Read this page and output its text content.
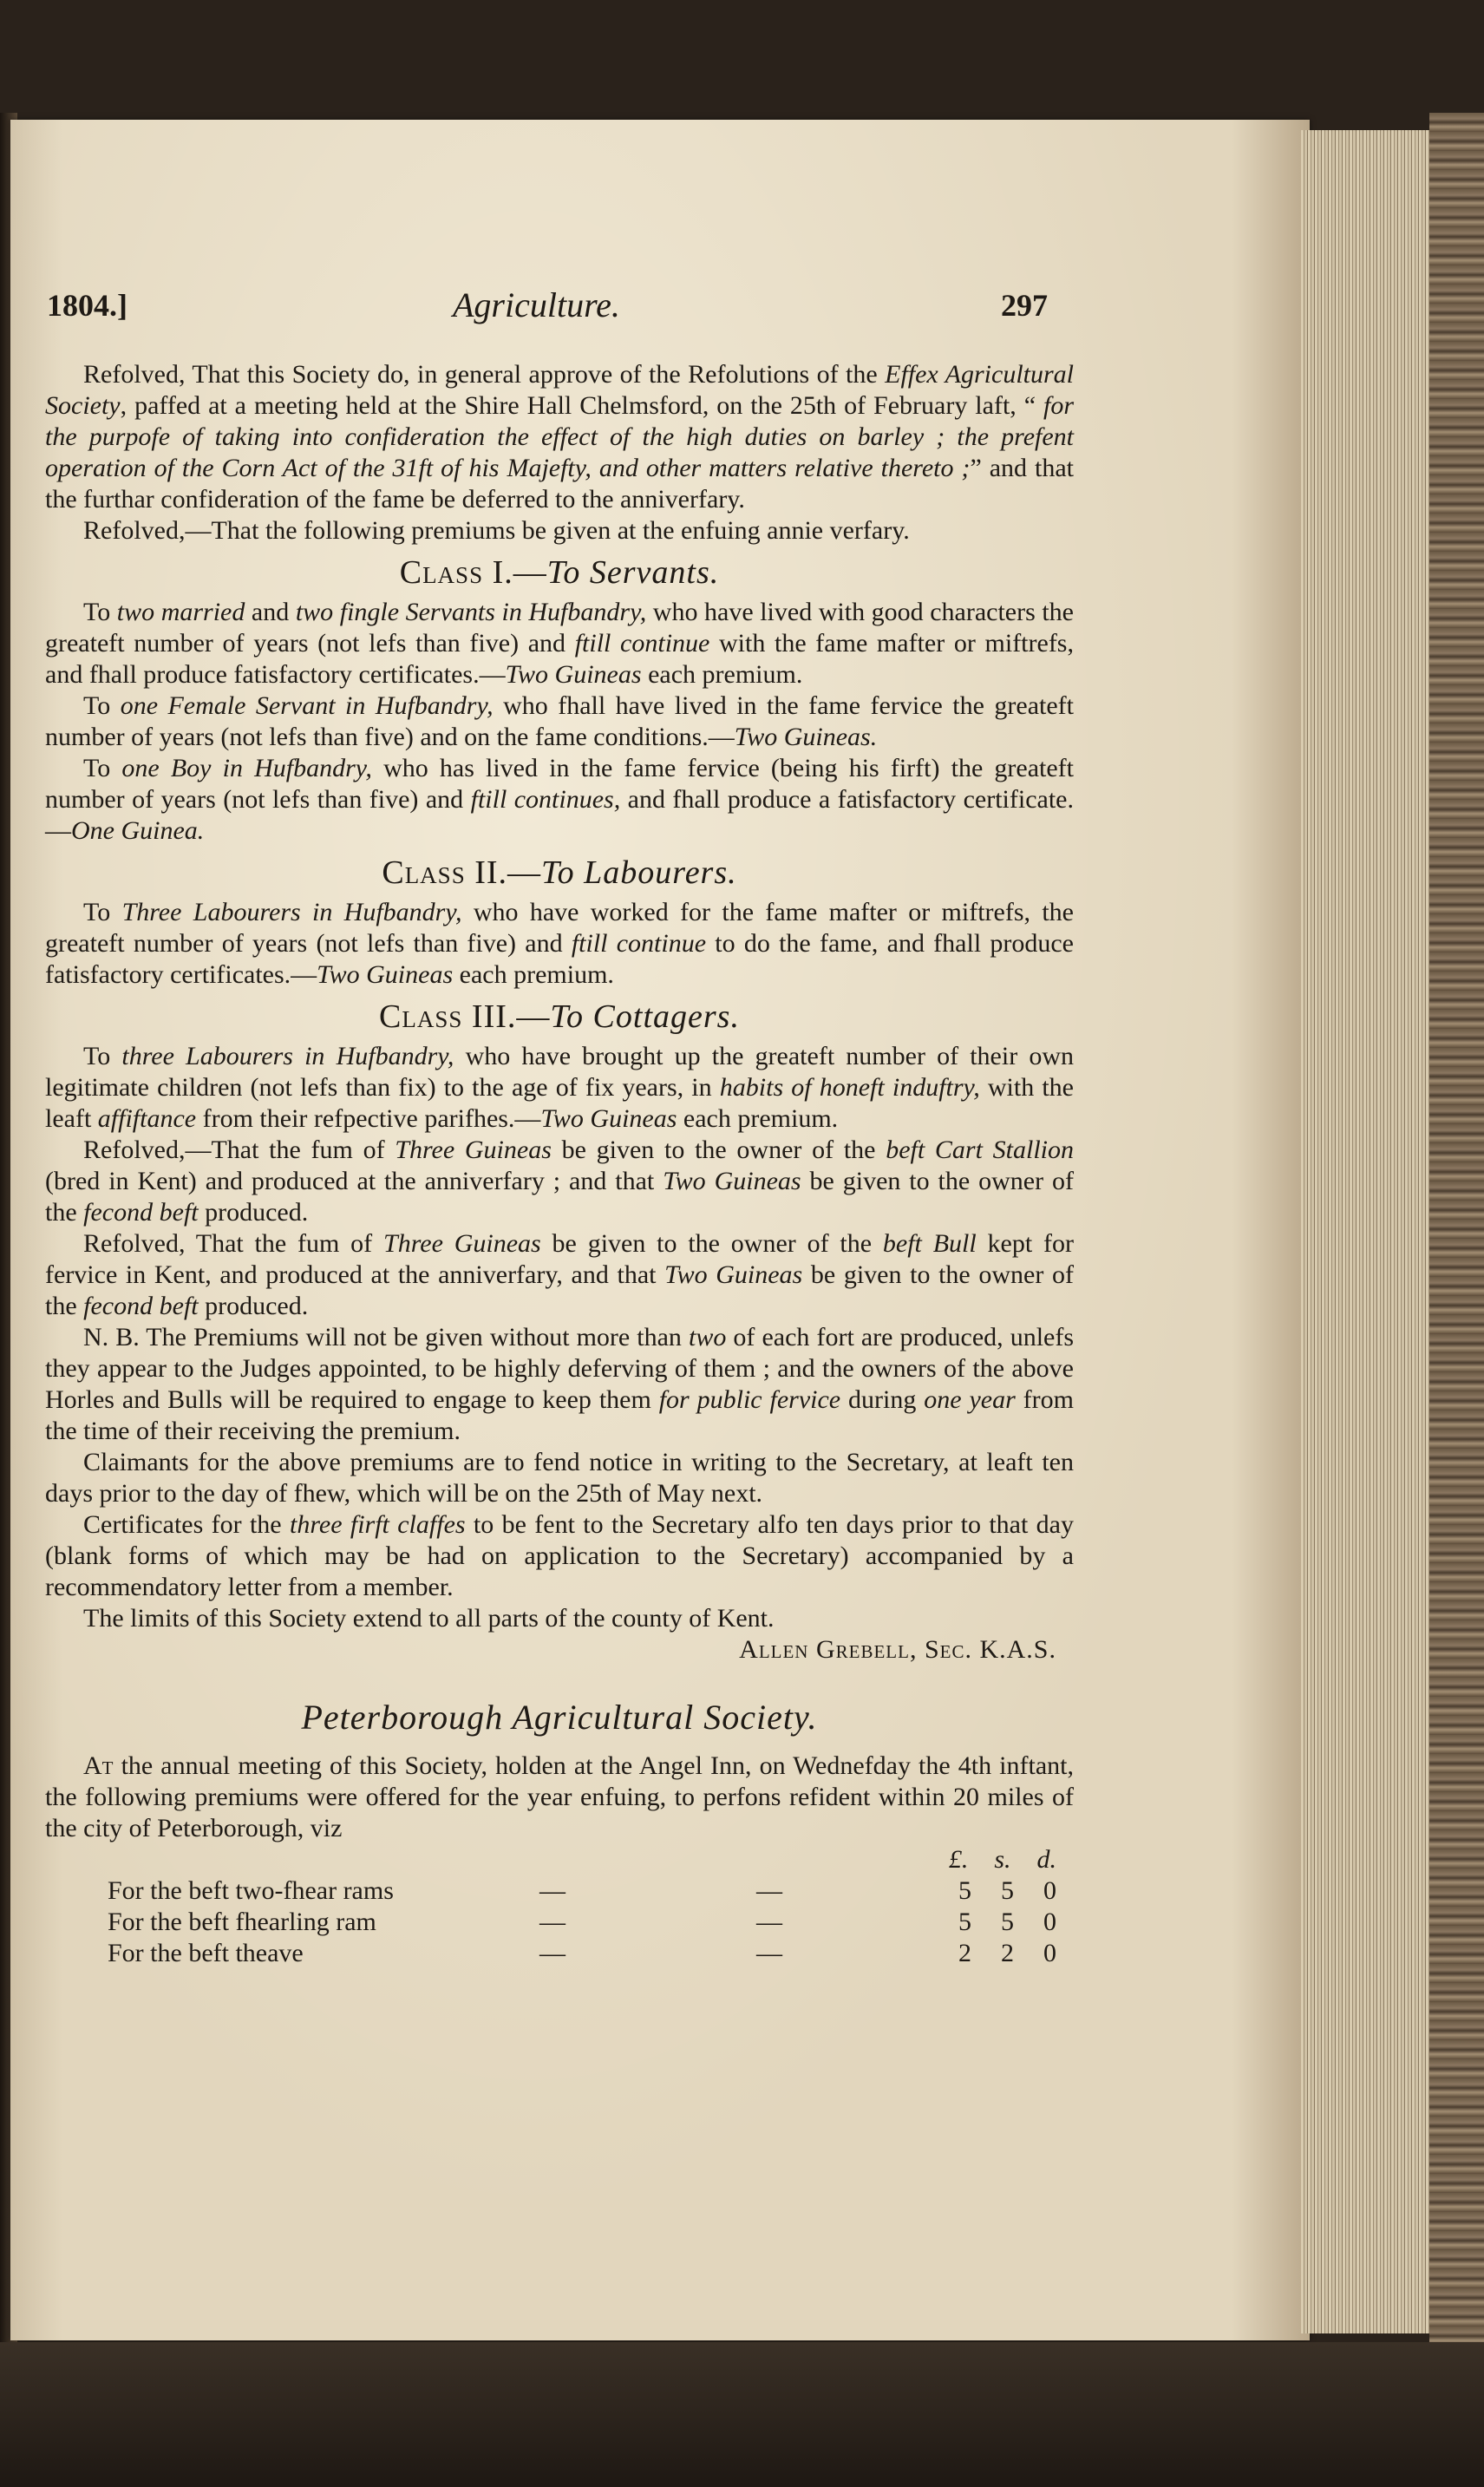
1804.]	Agriculture.	297

Refolved, That this Society do, in general approve of the Refolutions of the Effex Agricultural Society, paffed at a meeting held at the Shire Hall Chelmsford, on the 25th of February laft, “ for the purpofe of taking into confideration the effect of the high duties on barley ; the prefent operation of the Corn Act of the 31ft of his Majefty, and other matters relative thereto ;” and that the furthar confideration of the fame be deferred to the anniverfary.

Refolved,—That the following premiums be given at the enfuing annie verfary.

Class I.—To Servants.

To two married and two fingle Servants in Hufbandry, who have lived with good characters the greateft number of years (not lefs than five) and ftill continue with the fame mafter or miftrefs, and fhall produce fatisfactory certificates.—Two Guineas each premium.

To one Female Servant in Hufbandry, who fhall have lived in the fame fervice the greateft number of years (not lefs than five) and on the fame conditions.—Two Guineas.

To one Boy in Hufbandry, who has lived in the fame fervice (being his firft) the greateft number of years (not lefs than five) and ftill continues, and fhall produce a fatisfactory certificate.—One Guinea.

Class II.—To Labourers.

To Three Labourers in Hufbandry, who have worked for the fame mafter or miftrefs, the greateft number of years (not lefs than five) and ftill continue to do the fame, and fhall produce fatisfactory certificates.—Two Guineas each premium.

Class III.—To Cottagers.

To three Labourers in Hufbandry, who have brought up the greateft number of their own legitimate children (not lefs than fix) to the age of fix years, in habits of honeft induftry, with the leaft affiftance from their refpective parifhes.—Two Guineas each premium.

Refolved,—That the fum of Three Guineas be given to the owner of the beft Cart Stallion (bred in Kent) and produced at the anniverfary ; and that Two Guineas be given to the owner of the fecond beft produced.

Refolved, That the fum of Three Guineas be given to the owner of the beft Bull kept for fervice in Kent, and produced at the anniverfary, and that Two Guineas be given to the owner of the fecond beft produced.

N. B. The Premiums will not be given without more than two of each fort are produced, unlefs they appear to the Judges appointed, to be highly deferving of them ; and the owners of the above Horles and Bulls will be required to engage to keep them for public fervice during one year from the time of their receiving the premium.

Claimants for the above premiums are to fend notice in writing to the Secretary, at leaft ten days prior to the day of fhew, which will be on the 25th of May next.

Certificates for the three firft claffes to be fent to the Secretary alfo ten days prior to that day (blank forms of which may be had on application to the Secretary) accompanied by a recommendatory letter from a member.

The limits of this Society extend to all parts of the county of Kent.

Allen Grebell, Sec. K.A.S.
Peterborough Agricultural Society.

At the annual meeting of this Society, holden at the Angel Inn, on Wednefday the 4th inftant, the following premiums were offered for the year enfuing, to perfons refident within 20 miles of the city of Peterborough, viz

£. s. d.
For the beft two-fhear rams	—	—	5 5 0
For the beft fhearling ram	—	—	5 5 0
For the beft theave	—	—	2 2 0
